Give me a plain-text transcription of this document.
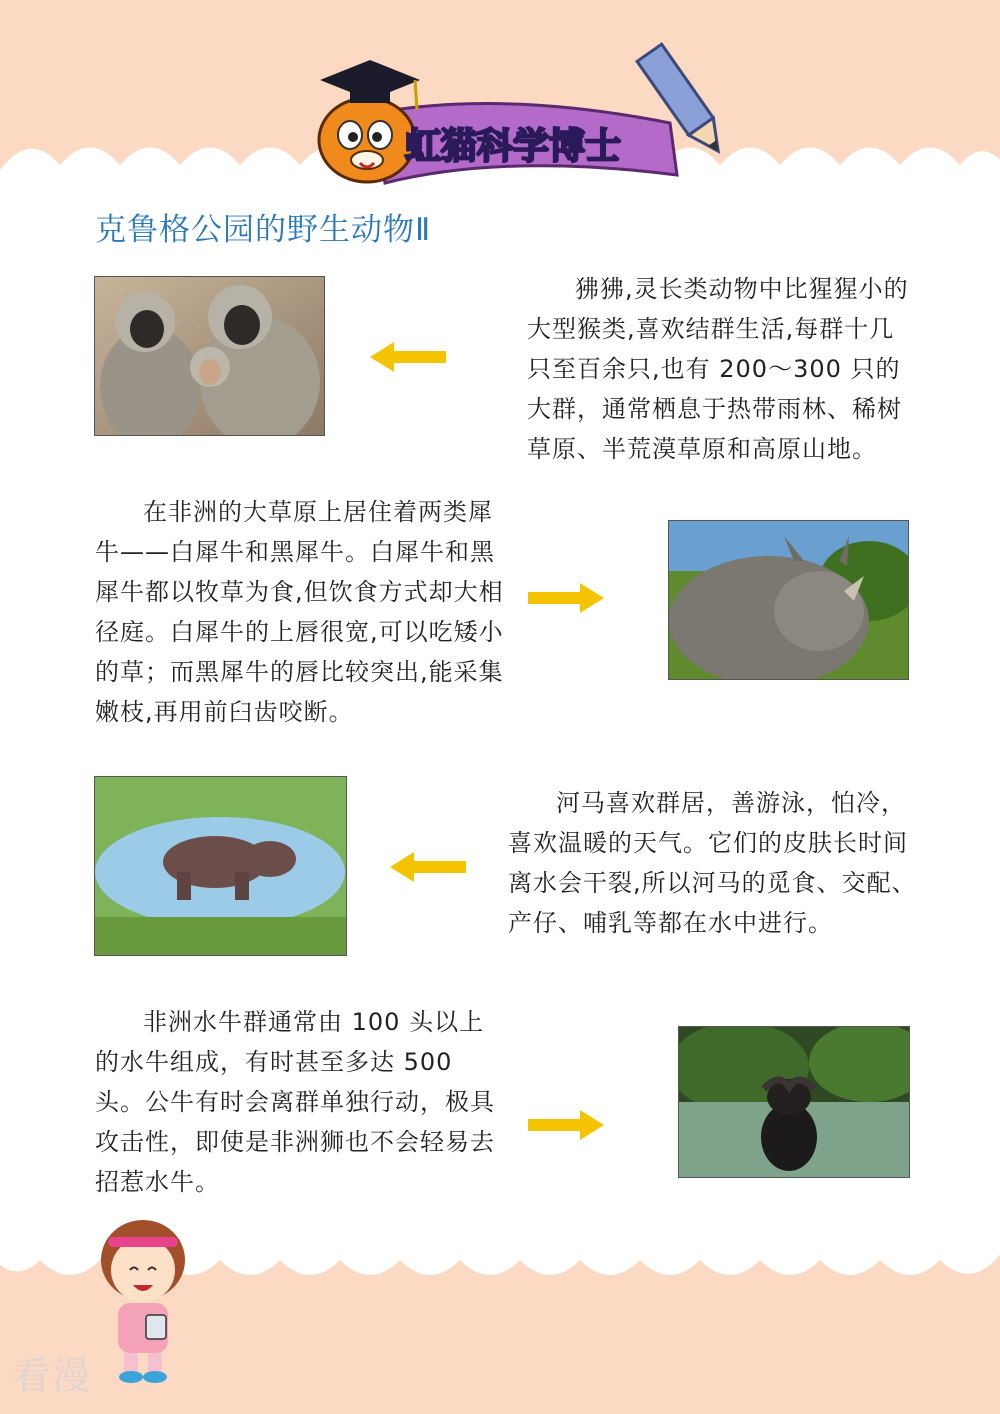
虹猫科学博士
克鲁格公园的野生动物Ⅱ

狒狒,灵长类动物中比猩猩小的大型猴类,喜欢结群生活,每群十几只至百余只,也有 200～300 只的大群，通常栖息于热带雨林、稀树草原、半荒漠草原和高原山地。

在非洲的大草原上居住着两类犀牛——白犀牛和黑犀牛。白犀牛和黑犀牛都以牧草为食,但饮食方式却大相径庭。白犀牛的上唇很宽,可以吃矮小的草；而黑犀牛的唇比较突出,能采集嫩枝,再用前臼齿咬断。

河马喜欢群居，善游泳，怕冷，喜欢温暖的天气。它们的皮肤长时间离水会干裂,所以河马的觅食、交配、产仔、哺乳等都在水中进行。

非洲水牛群通常由 100 头以上的水牛组成，有时甚至多达 500 头。公牛有时会离群单独行动，极具攻击性，即使是非洲狮也不会轻易去招惹水牛。

看漫
